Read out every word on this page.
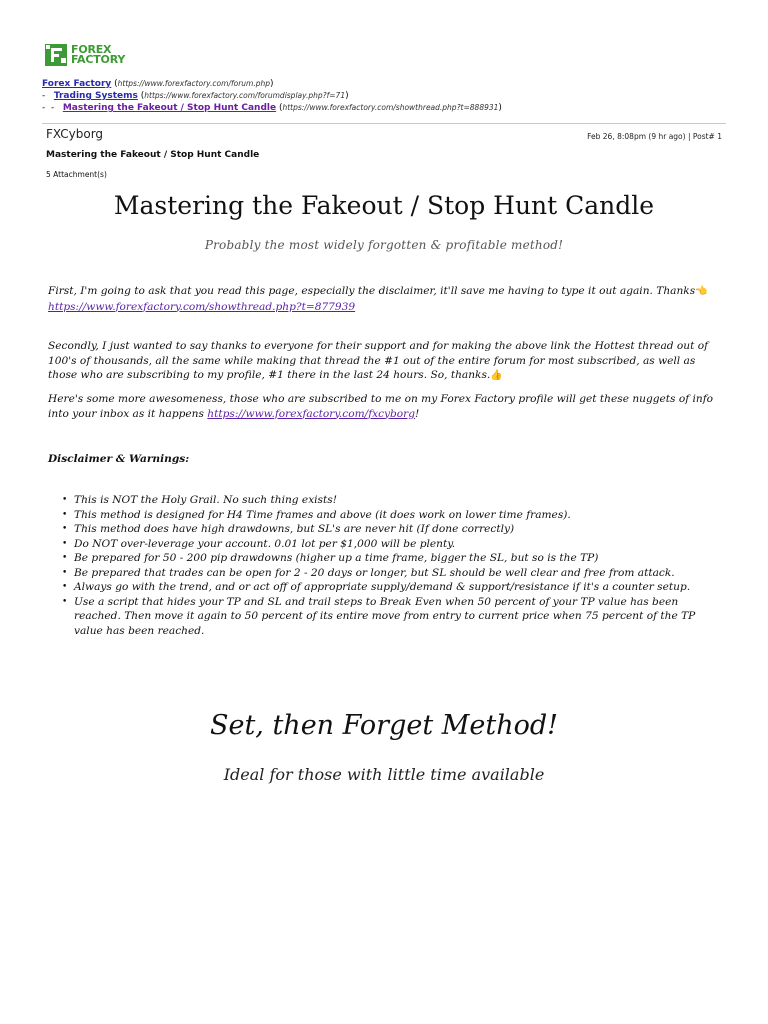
FOREX
FACTORY
Forex Factory (https://www.forexfactory.com/forum.php)
- Trading Systems (https://www.forexfactory.com/forumdisplay.php?f=71)
-  - Mastering the Fakeout / Stop Hunt Candle (https://www.forexfactory.com/showthread.php?t=888931)
FXCyborg	Feb 26, 8:08pm (9 hr ago) | Post# 1
Mastering the Fakeout / Stop Hunt Candle
5 Attachment(s)
Mastering the Fakeout / Stop Hunt Candle
Probably the most widely forgotten & profitable method!
First, I'm going to ask that you read this page, especially the disclaimer, it'll save me having to type it out again. Thanks👈
https://www.forexfactory.com/showthread.php?t=877939
Secondly, I just wanted to say thanks to everyone for their support and for making the above link the Hottest thread out of 100's of thousands, all the same while making that thread the #1 out of the entire forum for most subscribed, as well as those who are subscribing to my profile, #1 there in the last 24 hours. So, thanks.👍
Here's some more awesomeness, those who are subscribed to me on my Forex Factory profile will get these nuggets of info into your inbox as it happens https://www.forexfactory.com/fxcyborg!
Disclaimer & Warnings:
• This is NOT the Holy Grail. No such thing exists!
• This method is designed for H4 Time frames and above (it does work on lower time frames).
• This method does have high drawdowns, but SL's are never hit (If done correctly)
• Do NOT over-leverage your account. 0.01 lot per $1,000 will be plenty.
• Be prepared for 50 - 200 pip drawdowns (higher up a time frame, bigger the SL, but so is the TP)
• Be prepared that trades can be open for 2 - 20 days or longer, but SL should be well clear and free from attack.
• Always go with the trend, and or act off of appropriate supply/demand & support/resistance if it's a counter setup.
• Use a script that hides your TP and SL and trail steps to Break Even when 50 percent of your TP value has been reached. Then move it again to 50 percent of its entire move from entry to current price when 75 percent of the TP value has been reached.
Set, then Forget Method!
Ideal for those with little time available
